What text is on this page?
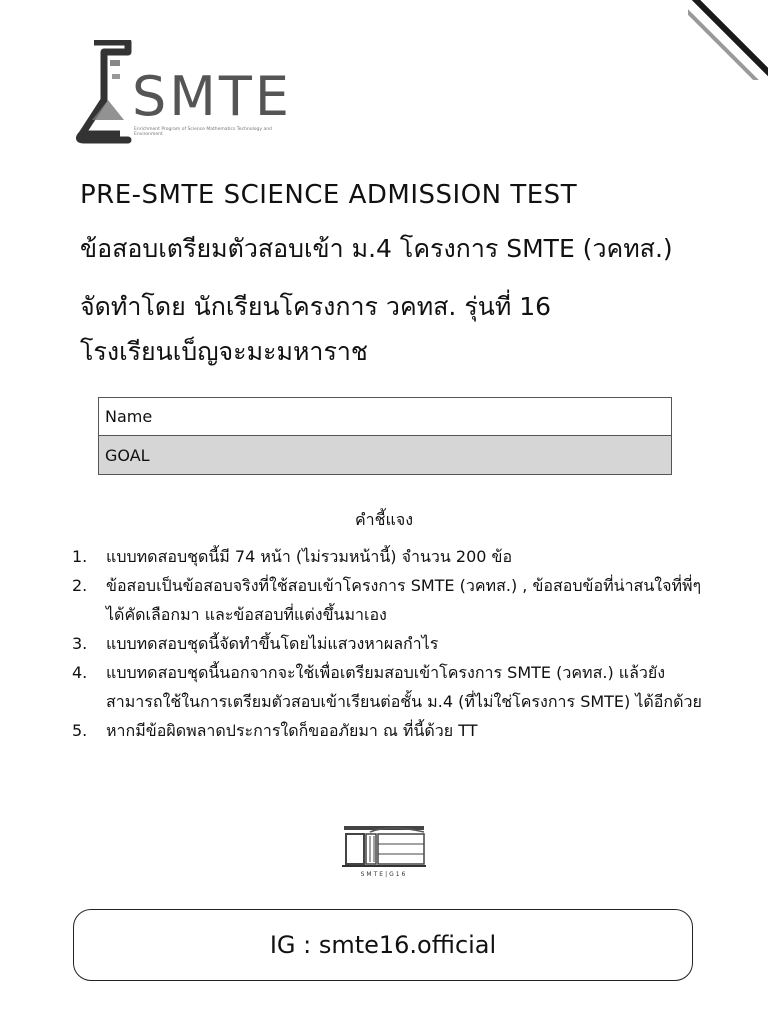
SMTE
Enrichment Program of Science Mathematics Technology and Environment
PRE-SMTE SCIENCE ADMISSION TEST
ข้อสอบเตรียมตัวสอบเข้า ม.4 โครงการ SMTE (วคทส.)
จัดทำโดย นักเรียนโครงการ วคทส. รุ่นที่ 16
โรงเรียนเบ็ญจะมะมหาราช
Name
GOAL
คำชี้แจง
1.	แบบทดสอบชุดนี้มี 74 หน้า (ไม่รวมหน้านี้) จำนวน 200 ข้อ
2.	ข้อสอบเป็นข้อสอบจริงที่ใช้สอบเข้าโครงการ SMTE (วคทส.) , ข้อสอบข้อที่น่าสนใจที่พี่ๆ ได้คัดเลือกมา และข้อสอบที่แต่งขึ้นมาเอง
3.	แบบทดสอบชุดนี้จัดทำขึ้นโดยไม่แสวงหาผลกำไร
4.	แบบทดสอบชุดนี้นอกจากจะใช้เพื่อเตรียมสอบเข้าโครงการ SMTE (วคทส.) แล้วยังสามารถใช้ในการเตรียมตัวสอบเข้าเรียนต่อชั้น ม.4 (ที่ไม่ใช่โครงการ SMTE) ได้อีกด้วย
5.	หากมีข้อผิดพลาดประการใดก็ขออภัยมา ณ ที่นี้ด้วย TT
SMTE|G16
IG : smte16.official
